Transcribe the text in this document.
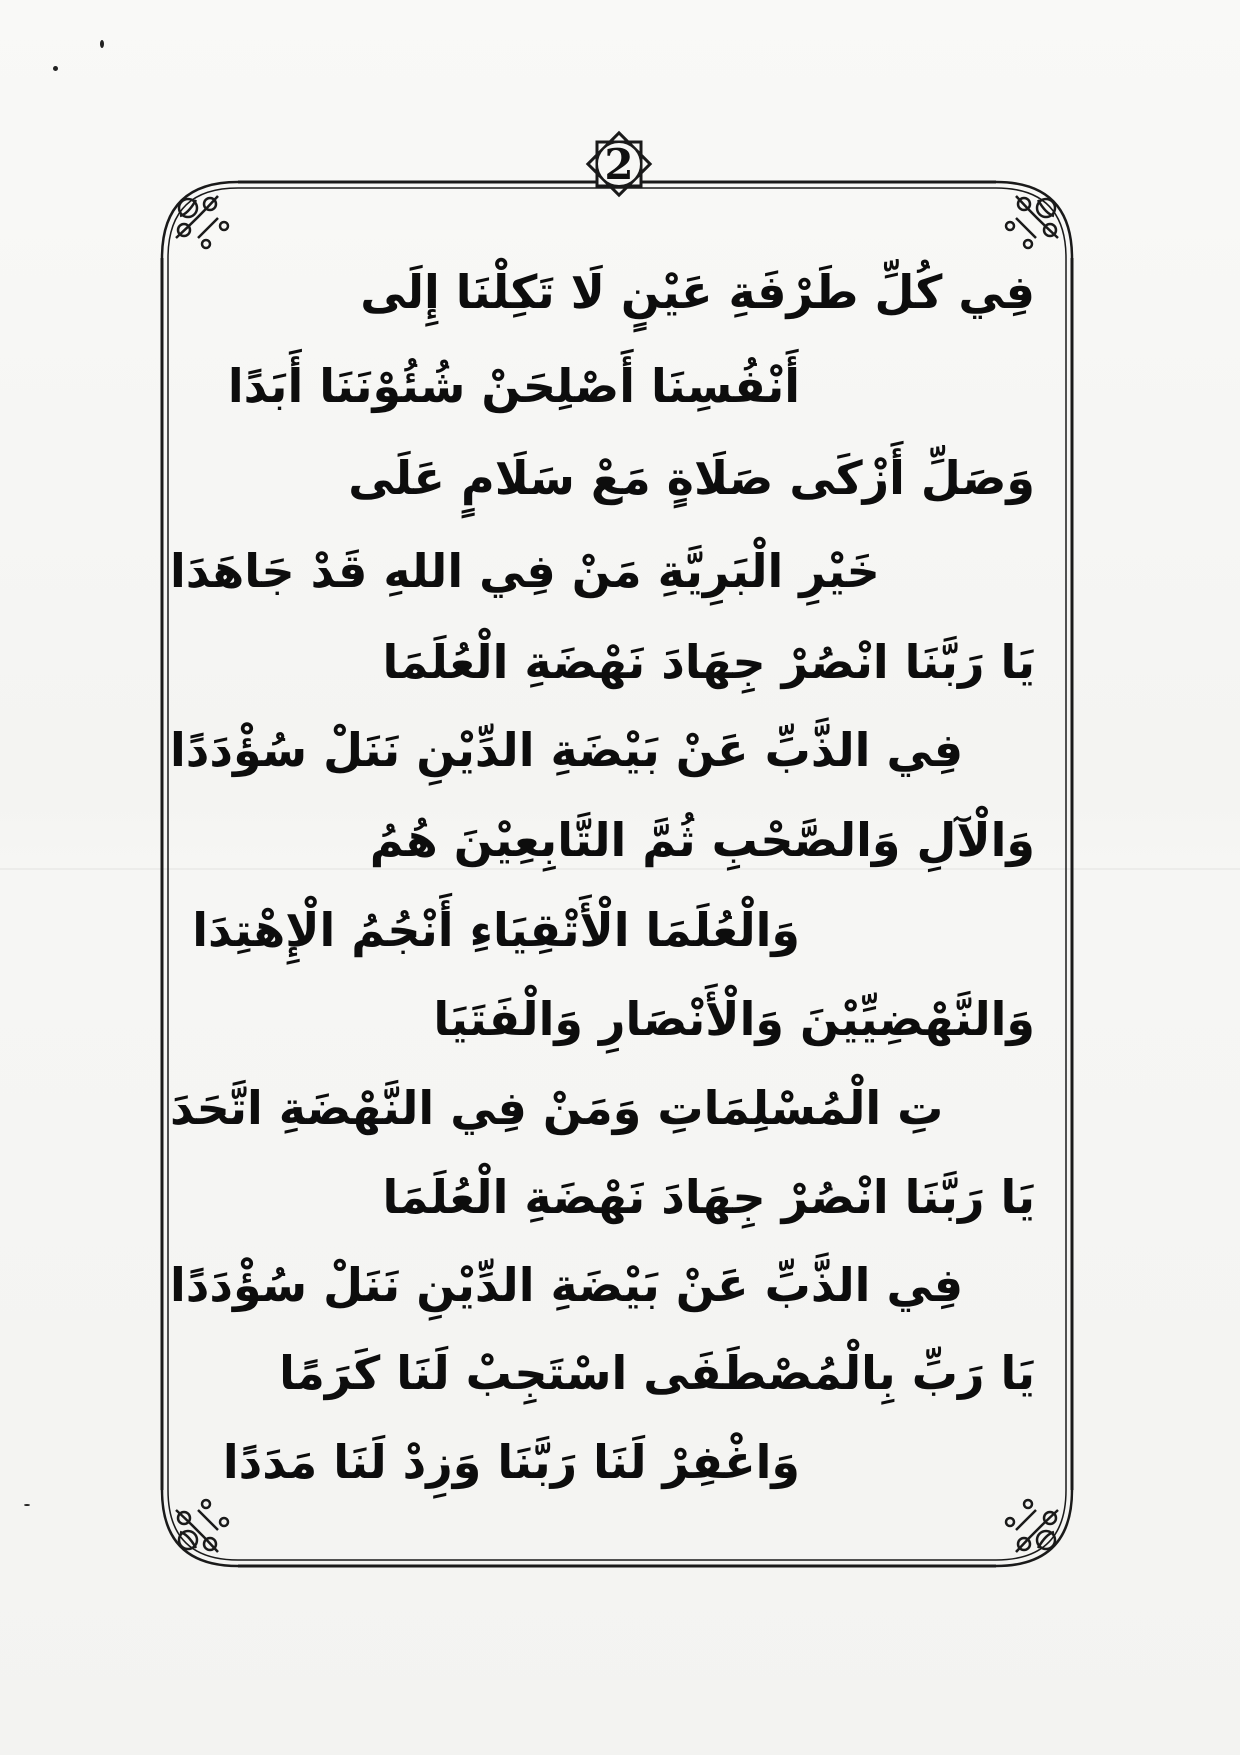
2
فِي كُلِّ طَرْفَةِ عَيْنٍ لَا تَكِلْنَا إِلَى
أَنْفُسِنَا أَصْلِحَنْ شُئُوْنَنَا أَبَدًا
وَصَلِّ أَزْكَى صَلَاةٍ مَعْ سَلَامٍ عَلَى
خَيْرِ الْبَرِيَّةِ مَنْ فِي اللهِ قَدْ جَاهَدَا
يَا رَبَّنَا انْصُرْ جِهَادَ نَهْضَةِ الْعُلَمَا
فِي الذَّبِّ عَنْ بَيْضَةِ الدِّيْنِ نَنَلْ سُؤْدَدًا
وَالْآلِ وَالصَّحْبِ ثُمَّ التَّابِعِيْنَ هُمُ
وَالْعُلَمَا الْأَتْقِيَاءِ أَنْجُمُ الْإِهْتِدَا
وَالنَّهْضِيِّيْنَ وَالْأَنْصَارِ وَالْفَتَيَا
تِ الْمُسْلِمَاتِ وَمَنْ فِي النَّهْضَةِ اتَّحَدَ
يَا رَبَّنَا انْصُرْ جِهَادَ نَهْضَةِ الْعُلَمَا
فِي الذَّبِّ عَنْ بَيْضَةِ الدِّيْنِ نَنَلْ سُؤْدَدًا
يَا رَبِّ بِالْمُصْطَفَى اسْتَجِبْ لَنَا كَرَمًا
وَاغْفِرْ لَنَا رَبَّنَا وَزِدْ لَنَا مَدَدًا
